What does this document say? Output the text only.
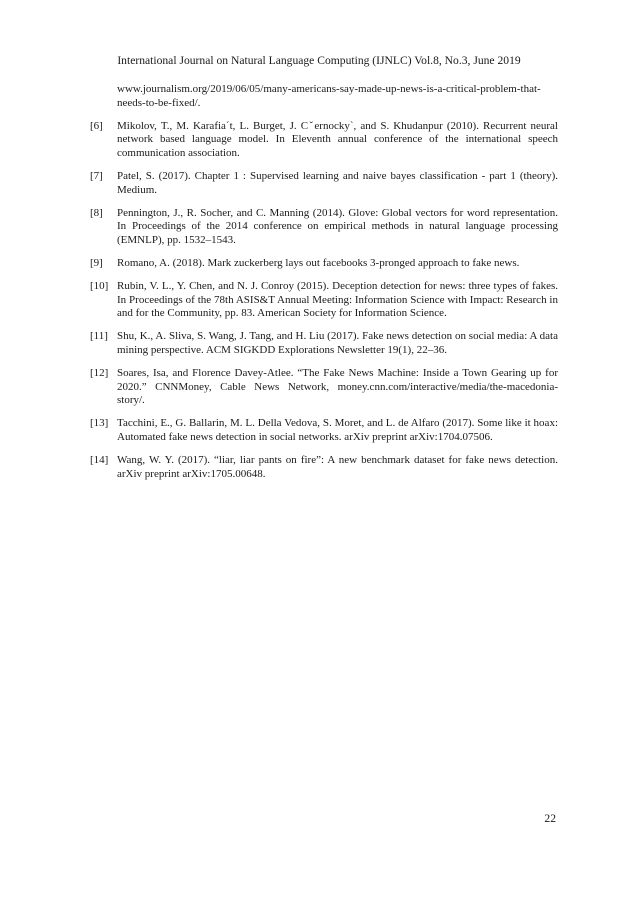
International Journal on Natural Language Computing (IJNLC) Vol.8, No.3, June 2019
www.journalism.org/2019/06/05/many-americans-say-made-up-news-is-a-critical-problem-that-needs-to-be-fixed/.
[6] Mikolov, T., M. Karafia´t, L. Burget, J. Cˇernocky`, and S. Khudanpur (2010). Recurrent neural network based language model. In Eleventh annual conference of the international speech communication association.
[7] Patel, S. (2017). Chapter 1 : Supervised learning and naive bayes classification - part 1 (theory). Medium.
[8] Pennington, J., R. Socher, and C. Manning (2014). Glove: Global vectors for word representation. In Proceedings of the 2014 conference on empirical methods in natural language processing (EMNLP), pp. 1532–1543.
[9] Romano, A. (2018). Mark zuckerberg lays out facebooks 3-pronged approach to fake news.
[10] Rubin, V. L., Y. Chen, and N. J. Conroy (2015). Deception detection for news: three types of fakes. In Proceedings of the 78th ASIS&T Annual Meeting: Information Science with Impact: Research in and for the Community, pp. 83. American Society for Information Science.
[11] Shu, K., A. Sliva, S. Wang, J. Tang, and H. Liu (2017). Fake news detection on social media: A data mining perspective. ACM SIGKDD Explorations Newsletter 19(1), 22–36.
[12] Soares, Isa, and Florence Davey-Atlee. “The Fake News Machine: Inside a Town Gearing up for 2020.” CNNMoney, Cable News Network, money.cnn.com/interactive/media/the-macedonia- story/.
[13] Tacchini, E., G. Ballarin, M. L. Della Vedova, S. Moret, and L. de Alfaro (2017). Some like it hoax: Automated fake news detection in social networks. arXiv preprint arXiv:1704.07506.
[14] Wang, W. Y. (2017). “liar, liar pants on fire”: A new benchmark dataset for fake news detection. arXiv preprint arXiv:1705.00648.
22
